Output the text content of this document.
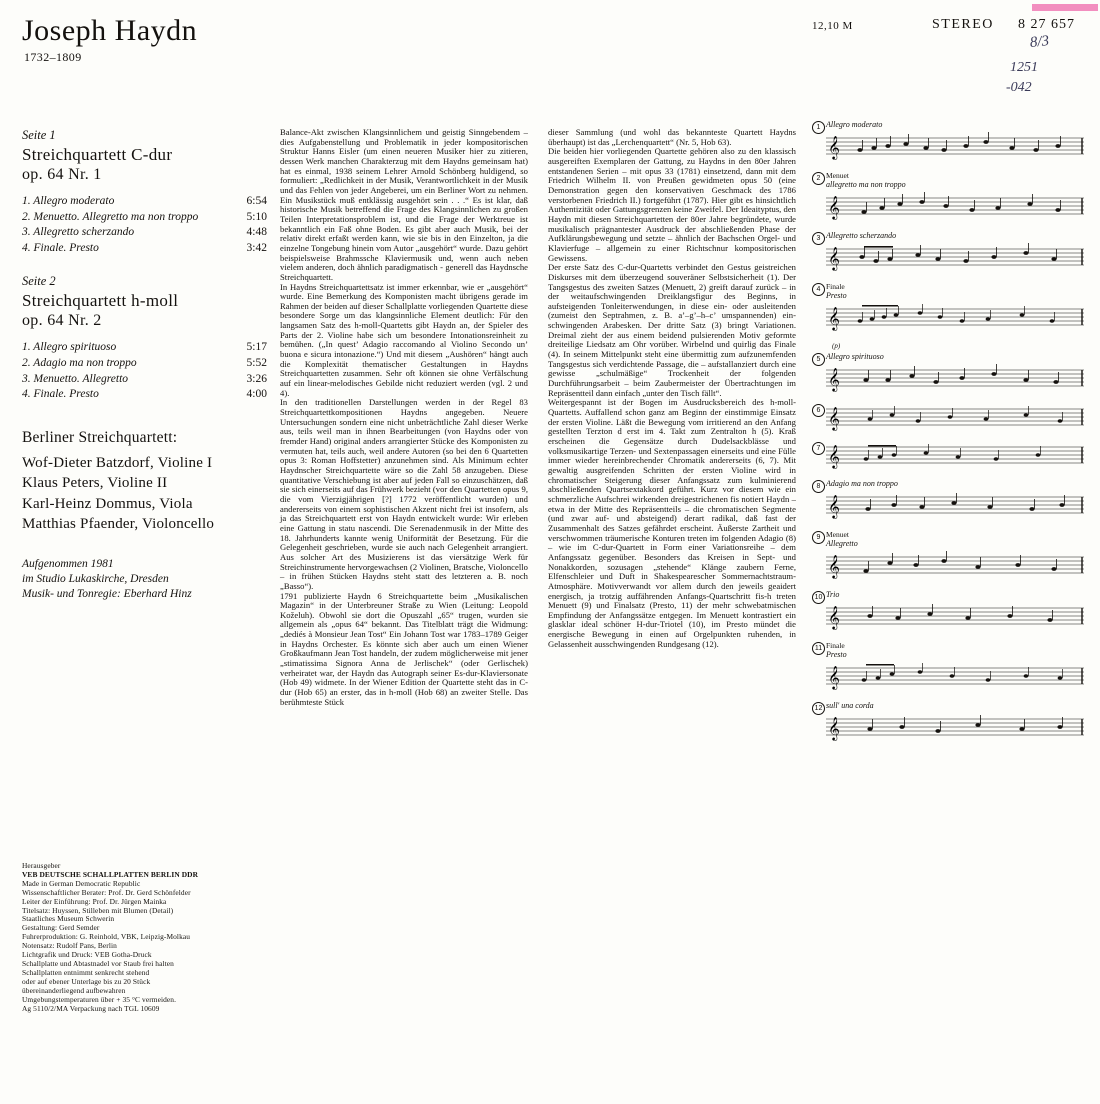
Joseph Haydn
1732–1809
12,10 M	STEREO 8 27 657
8/3
1251
-042
Seite 1
Streichquartett C-dur
op. 64 Nr. 1
1. Allegro moderato	6:54
2. Menuetto. Allegretto ma non troppo	5:10
3. Allegretto scherzando	4:48
4. Finale. Presto	3:42
Seite 2
Streichquartett h-moll
op. 64 Nr. 2
1. Allegro spirituoso	5:17
2. Adagio ma non troppo	5:52
3. Menuetto. Allegretto	3:26
4. Finale. Presto	4:00
Berliner Streichquartett:
Wof-Dieter Batzdorf, Violine I
Klaus Peters, Violine II
Karl-Heinz Dommus, Viola
Matthias Pfaender, Violoncello
Aufgenommen 1981
im Studio Lukaskirche, Dresden
Musik- und Tonregie: Eberhard Hinz
Herausgeber
VEB DEUTSCHE SCHALLPLATTEN BERLIN DDR
Made in German Democratic Republic
Wissenschaftlicher Berater: Prof. Dr. Gerd Schönfelder
Leiter der Einführung: Prof. Dr. Jürgen Mainka
Titelsatz: Huyssen, Stilleben mit Blumen (Detail)
Staatliches Museum Schwerin
Gestaltung: Gerd Semder
Fuhrerproduktion: G. Reinhold, VBK, Leipzig-Molkau
Notensatz: Rudolf Pans, Berlin
Lichtgrafik und Druck: VEB Gotha-Druck
Schallplatte und Abtastnadel vor Staub frei halten
Schallplatten entnimmt senkrecht stehend
oder auf ebener Unterlage bis zu 20 Stück
übereinanderliegend aufbewahren
Umgebungstemperaturen über + 35 °C vermeiden.
Ag 5110/2/MA Verpackung nach TGL 10609

Balance-Akt zwischen Klangsinnlichem und geistig Sinngebendem – dies Aufgabenstellung und Problematik in jeder kompositorischen Struktur Hanns Eisler (um einen neueren Musiker hier zu zitieren, dessen Werk manchen Charakterzug mit dem Haydns gemeinsam hat) hat es einmal, 1938 seinem Lehrer Arnold Schönberg huldigend, so formuliert: „Redlichkeit in der Musik, Verantwortlichkeit in der Musik und das Fehlen von jeder Angeberei, um ein Berliner Wort zu nehmen. Ein Musikstück muß entklässig ausgehört sein . . .“ Es ist klar, daß historische Musik betreffend die Frage des Klangsinnlichen zu großen Teilen Interpretationsproblem ist, und die Frage der Werktreue ist bekanntlich ein Faß ohne Boden. Es gibt aber auch Musik, bei der relativ direkt erfaßt werden kann, wie sie bis in den Einzelton, ja die einzelne Tongebung hinein vom Autor „ausgehört“ wurde. Dazu gehört beispielsweise Brahmssche Klaviermusik und, wenn auch neben vielem anderen, doch ähnlich paradigmatisch - generell das Haydnsche Streichquartett.

In Haydns Streichquartettsatz ist immer erkennbar, wie er „ausgehört“ wurde. Eine Bemerkung des Komponisten macht übrigens gerade im Rahmen der beiden auf dieser Schallplatte vorliegenden Quartette diese besondere Sorge um das klangsinnliche Element deutlich: Für den langsamen Satz des h-moll-Quartetts gibt Haydn an, der Spieler des Parts der 2. Violine habe sich um besondere Intonationsreinheit zu bemühen. („In quest’ Adagio raccomando al Violino Secondo un’ buona e sicura intonazione.“) Und mit diesem „Aushören“ hängt auch die Komplexität thematischer Gestaltungen in Haydns Streichquartetten zusammen. Sehr oft können sie ohne Verfälschung auf ein linear-melodisches Gebilde nicht reduziert werden (vgl. 2 und 4).

In den traditionellen Darstellungen werden in der Regel 83 Streichquartettkompositionen Haydns angegeben. Neuere Untersuchungen sondern eine nicht unbeträchtliche Zahl dieser Werke aus, teils weil man in ihnen Bearbeitungen (von Haydns oder von fremder Hand) original anders arrangierter Stücke des Komponisten zu vermuten hat, teils auch, weil andere Autoren (so bei den 6 Quartetten opus 3: Roman Hoffstetter) anzunehmen sind. Als Minimum echter Haydnscher Streichquartette wäre so die Zahl 58 anzugeben. Diese quantitative Verschiebung ist aber auf jeden Fall so einzuschätzen, daß sie sich einerseits auf das Frühwerk bezieht (vor den Quartetten opus 9, die vom Vierzigjährigen [?] 1772 veröffentlicht wurden) und andererseits von einem sophistischen Akzent nicht frei ist insofern, als ja das Streichquartett erst von Haydn entwickelt wurde: Wir erleben eine Gattung in statu nascendi. Die Serenadenmusik in der Mitte des 18. Jahrhunderts kannte wenig Uniformität der Besetzung. Für die Gelegenheit geschrieben, wurde sie auch nach Gelegenheit arrangiert. Aus solcher Art des Musizierens ist das viersätzige Werk für Streichinstrumente hervorgewachsen (2 Violinen, Bratsche, Violoncello – in frühen Stücken Haydns steht statt des letzteren a. B. noch „Basso“).

1791 publizierte Haydn 6 Streichquartette beim „Musikalischen Magazin“ in der Unterbreuner Straße zu Wien (Leitung: Leopold Koželuh). Obwohl sie dort die Opuszahl „65“ trugen, wurden sie allgemein als „opus 64“ bekannt. Das Titelblatt trägt die Widmung: „dediés à Monsieur Jean Tost“ Ein Johann Tost war 1783–1789 Geiger in Haydns Orchester. Es könnte sich aber auch um einen Wiener Großkaufmann Jean Tost handeln, der zudem möglicherweise mit jener „stimatissima Signora Anna de Jerlischek“ (oder Gerlischek) verheiratet war, der Haydn das Autograph seiner Es-dur-Klaviersonate (Hob 49) widmete. In der Wiener Edition der Quartette steht das in C-dur (Hob 65) an erster, das in h-moll (Hob 68) an zweiter Stelle. Das berühmteste Stück

dieser Sammlung (und wohl das bekannteste Quartett Haydns überhaupt) ist das „Lerchenquartett“ (Nr. 5, Hob 63).

Die beiden hier vorliegenden Quartette gehören also zu den klassisch ausgereiften Exemplaren der Gattung, zu Haydns in den 80er Jahren entstandenen Serien – mit opus 33 (1781) einsetzend, dann mit dem Friedrich Wilhelm II. von Preußen gewidmeten opus 50 (eine Demonstration gegen den konservativen Geschmack des 1786 verstorbenen Friedrich II.) fortgeführt (1787). Hier gibt es hinsichtlich Authentizität oder Gattungsgrenzen keine Zweifel. Der Ideaityptus, den Haydn mit diesen Streichquartetten der 80er Jahre begründete, wurde musikalisch prägnantester Ausdruck der abschließenden Phase der Aufklärungsbewegung und setzte – ähnlich der Bachschen Orgel- und Klavierfuge – allgemein zu einer Richtschnur kompositorischen Gewissens.

Der erste Satz des C-dur-Quartetts verbindet den Gestus geistreichen Diskurses mit dem überzeugend souveräner Selbstsicherheit (1). Der Tangsgestus des zweiten Satzes (Menuett, 2) greift darauf zurück – in der weitaufschwingenden Dreiklangsfigur des Beginns, in aufsteigenden Tonleiterwendungen, in diese ein- oder ausleitenden (zumeist den Septrahmen, z. B. a’–g’–h–c’ umspannenden) ein- schwingenden Arabesken. Der dritte Satz (3) bringt Variationen. Dreimal zieht der aus einem beidend pulsierenden Motiv geformte dreiteilige Liedsatz am Ohr vorüber. Wirbelnd und quirlig das Finale (4). In seinem Mittelpunkt steht eine übermittig zum aufzunemfenden Tangsgestus sich verdichtende Passage, die – aufstallanziert durch eine gewisse „schulmäßige“ Trockenheit der folgenden Durchführungsarbeit – beim Zaubermeister der Übertrachtungen im Repräsentteil dann einfach „unter den Tisch fällt“.

Weitergespannt ist der Bogen im Ausdrucksbereich des h-moll-Quartetts. Auffallend schon ganz am Beginn der einstimmige Einsatz der ersten Violine. Läßt die Bewegung vom irritierend an den Anfang gestellten Terzton d erst im 4. Takt zum Zentralton h (5). Kraß erscheinen die Gegensätze durch Dudelsackblässe und volksmusikartige Terzen- und Sextenpassagen einerseits und eine Fülle immer wieder hereinbrechender Chromatik andererseits (6, 7). Mit gewaltig ausgreifenden Schritten der ersten Violine wird in chromatischer Steigerung dieser Anfangssatz zum kulminierend abschließenden Quartsextakkord geführt. Kurz vor diesem wie ein schmerzliche Aufschrei wirkenden dreigestrichenen fis notiert Haydn – etwa in der Mitte des Repräsentteils – die chromatischen Segmente (und zwar auf- und absteigend) derart radikal, daß fast der Zusammenhalt des Satzes gefährdet erscheint. Äußerste Zartheit und verschwommen träumerische Konturen treten im folgenden Adagio (8) – wie im C-dur-Quartett in Form einer Variationsreihe – dem Anfangssatz gegenüber. Besonders das Kreisen in Sept- und Nonakkorden, sozusagen „stehende“ Klänge zaubern Ferne, Elfenschleier und Duft in Shakespearescher Sommernachtstraum-Atmosphäre. Motivverwandt vor allem durch den jeweils geaidert energisch, ja trotzig auffährenden Anfangs-Quartschritt fis-h treten Menuett (9) und Finalsatz (Presto, 11) der mehr schwebatmischen Empfindung der Anfangssätze entgegen. Im Menuett kontrastiert ein glasklar ideal schöner H-dur-Triotel (10), im Presto mündet die energische Bewegung in einen auf Orgelpunkten ruhenden, in Gelassenheit ausschwingenden Rundgesang (12).

1 Allegro moderato
𝄞
2 Menuet
allegretto ma non troppo
𝄞
3 Allegretto scherzando
𝄞
4 Finale
Presto
𝄞
(p)
5 Allegro spirituoso
𝄞
6 𝄞
7 𝄞
8 Adagio ma non troppo
𝄞
9 Menuet
Allegretto
𝄞
10 Trio
𝄞
11 Finale
Presto
𝄞
12 sull' una corda
𝄞
